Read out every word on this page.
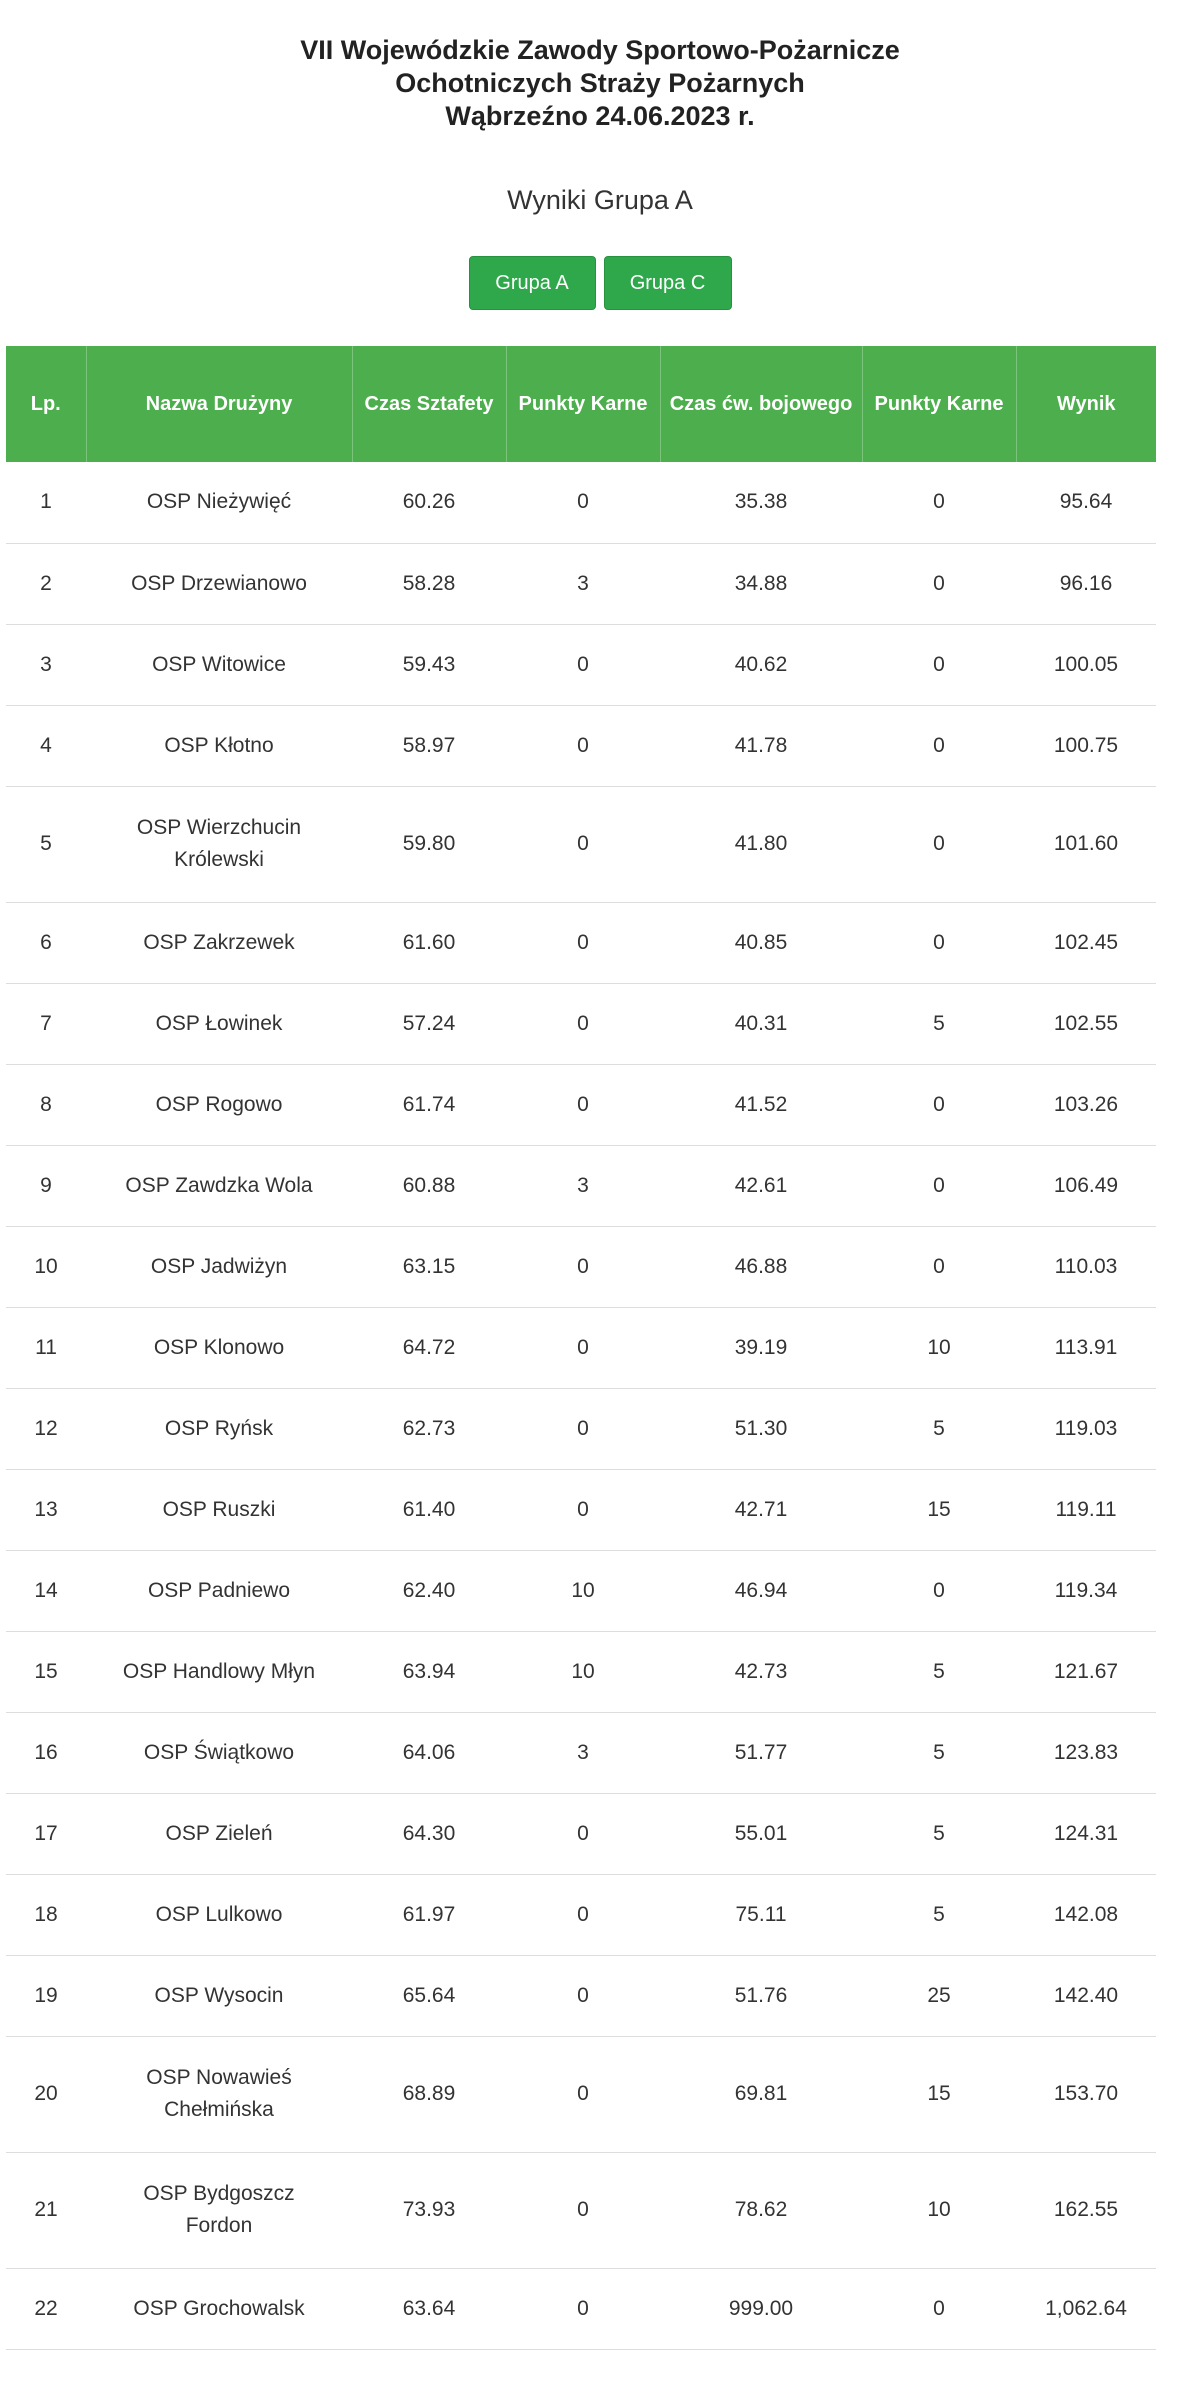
VII Wojewódzkie Zawody Sportowo-Pożarnicze
Ochotniczych Straży Pożarnych
Wąbrzeźno 24.06.2023 r.
Wyniki Grupa A
Grupa A	Grupa C
Lp.	Nazwa Drużyny	Czas Sztafety	Punkty Karne	Czas ćw. bojowego	Punkty Karne	Wynik
1	OSP Nieżywięć	60.26	0	35.38	0	95.64
2	OSP Drzewianowo	58.28	3	34.88	0	96.16
3	OSP Witowice	59.43	0	40.62	0	100.05
4	OSP Kłotno	58.97	0	41.78	0	100.75
5	OSP Wierzchucin Królewski	59.80	0	41.80	0	101.60
6	OSP Zakrzewek	61.60	0	40.85	0	102.45
7	OSP Łowinek	57.24	0	40.31	5	102.55
8	OSP Rogowo	61.74	0	41.52	0	103.26
9	OSP Zawdzka Wola	60.88	3	42.61	0	106.49
10	OSP Jadwiżyn	63.15	0	46.88	0	110.03
11	OSP Klonowo	64.72	0	39.19	10	113.91
12	OSP Ryńsk	62.73	0	51.30	5	119.03
13	OSP Ruszki	61.40	0	42.71	15	119.11
14	OSP Padniewo	62.40	10	46.94	0	119.34
15	OSP Handlowy Młyn	63.94	10	42.73	5	121.67
16	OSP Świątkowo	64.06	3	51.77	5	123.83
17	OSP Zieleń	64.30	0	55.01	5	124.31
18	OSP Lulkowo	61.97	0	75.11	5	142.08
19	OSP Wysocin	65.64	0	51.76	25	142.40
20	OSP Nowawieś Chełmińska	68.89	0	69.81	15	153.70
21	OSP Bydgoszcz Fordon	73.93	0	78.62	10	162.55
22	OSP Grochowalsk	63.64	0	999.00	0	1,062.64
